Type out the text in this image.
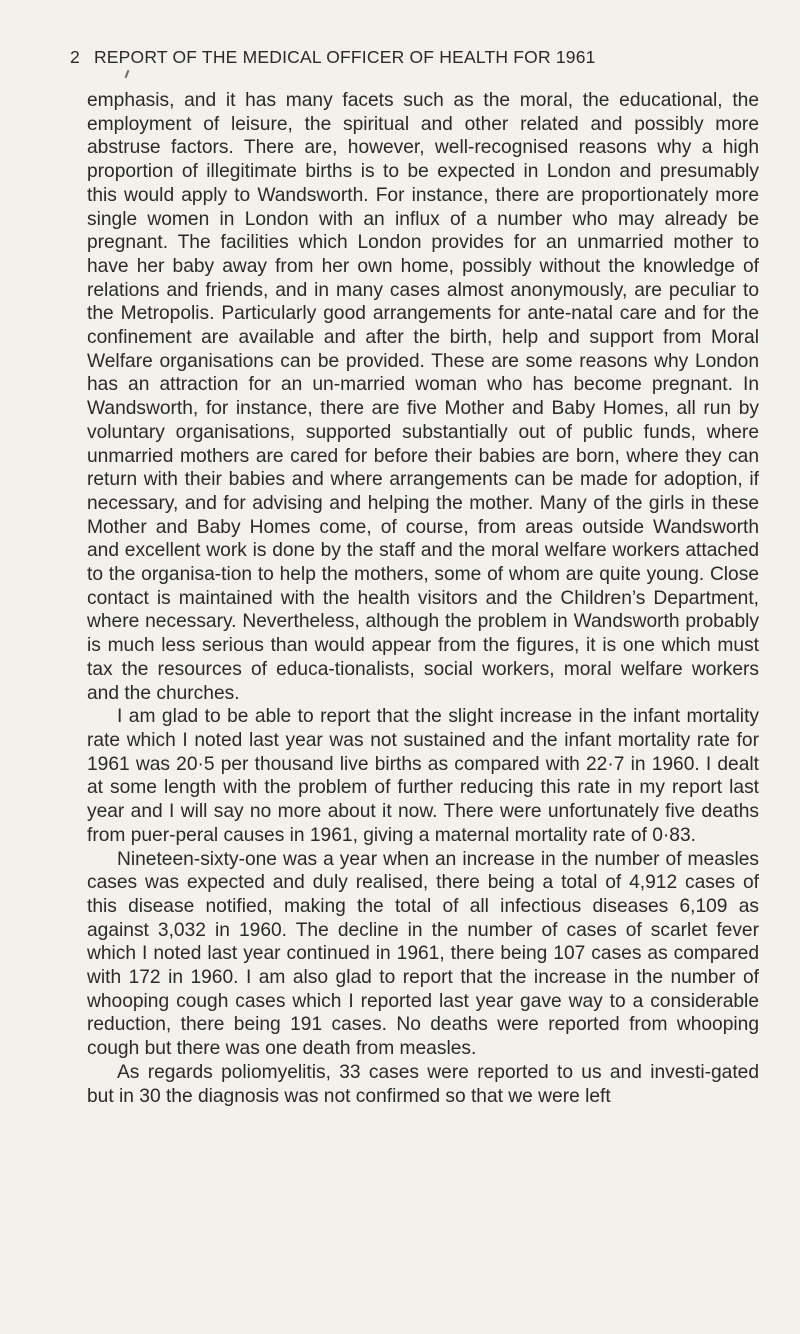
2 REPORT OF THE MEDICAL OFFICER OF HEALTH FOR 1961

emphasis, and it has many facets such as the moral, the educational, the employment of leisure, the spiritual and other related and possibly more abstruse factors. There are, however, well-recognised reasons why a high proportion of illegitimate births is to be expected in London and presumably this would apply to Wandsworth. For instance, there are proportionately more single women in London with an influx of a number who may already be pregnant. The facilities which London provides for an unmarried mother to have her baby away from her own home, possibly without the knowledge of relations and friends, and in many cases almost anonymously, are peculiar to the Metropolis. Particularly good arrangements for ante-natal care and for the confinement are available and after the birth, help and support from Moral Welfare organisations can be provided. These are some reasons why London has an attraction for an un-married woman who has become pregnant. In Wandsworth, for instance, there are five Mother and Baby Homes, all run by voluntary organisations, supported substantially out of public funds, where unmarried mothers are cared for before their babies are born, where they can return with their babies and where arrangements can be made for adoption, if necessary, and for advising and helping the mother. Many of the girls in these Mother and Baby Homes come, of course, from areas outside Wandsworth and excellent work is done by the staff and the moral welfare workers attached to the organisa-tion to help the mothers, some of whom are quite young. Close contact is maintained with the health visitors and the Children’s Department, where necessary. Nevertheless, although the problem in Wandsworth probably is much less serious than would appear from the figures, it is one which must tax the resources of educa-tionalists, social workers, moral welfare workers and the churches.

I am glad to be able to report that the slight increase in the infant mortality rate which I noted last year was not sustained and the infant mortality rate for 1961 was 20·5 per thousand live births as compared with 22·7 in 1960. I dealt at some length with the problem of further reducing this rate in my report last year and I will say no more about it now. There were unfortunately five deaths from puer-peral causes in 1961, giving a maternal mortality rate of 0·83.

Nineteen-sixty-one was a year when an increase in the number of measles cases was expected and duly realised, there being a total of 4,912 cases of this disease notified, making the total of all infectious diseases 6,109 as against 3,032 in 1960. The decline in the number of cases of scarlet fever which I noted last year continued in 1961, there being 107 cases as compared with 172 in 1960. I am also glad to report that the increase in the number of whooping cough cases which I reported last year gave way to a considerable reduction, there being 191 cases. No deaths were reported from whooping cough but there was one death from measles.

As regards poliomyelitis, 33 cases were reported to us and investi-gated but in 30 the diagnosis was not confirmed so that we were left
